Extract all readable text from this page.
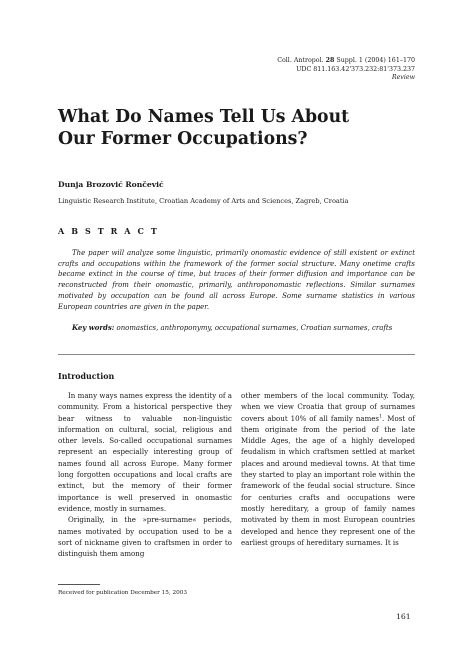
Coll. Antropol. 28 Suppl. 1 (2004) 161–170
UDC 811.163.42'373.232:81'373.237
Review
What Do Names Tell Us About
Our Former Occupations?
Dunja Brozović Rončević
Linguistic Research Institute, Croatian Academy of Arts and Sciences, Zagreb, Croatia
A B S T R A C T

The paper will analyze some linguistic, primarily onomastic evidence of still existent or extinct crafts and occupations within the framework of the former social structure. Many onetime crafts became extinct in the course of time, but traces of their former diffusion and importance can be reconstructed from their onomastic, primarily, anthroponomastic reflections. Similar surnames motivated by occupation can be found all across Europe. Some surname statistics in various European countries are given in the paper.

Key words: onomastics, anthroponymy, occupational surnames, Croatian surnames, crafts

Introduction

In many ways names express the identity of a community. From a historical perspective they bear witness to valuable non-linguistic information on cultural, social, religious and other levels. So-called occupational surnames represent an especially interesting group of names found all across Europe. Many former long forgotten occupations and local crafts are extinct, but the memory of their former importance is well preserved in onomastic evidence, mostly in surnames.

Originally, in the »pre-surname« periods, names motivated by occupation used to be a sort of nickname given to craftsmen in order to distinguish them among

other members of the local community. Today, when we view Croatia that group of surnames covers about 10% of all family names$^1$. Most of them originate from the period of the late Middle Ages, the age of a highly developed feudalism in which craftsmen settled at market places and around medieval towns. At that time they started to play an important role within the framework of the feudal social structure. Since for centuries crafts and occupations were mostly hereditary, a group of family names motivated by them in most European countries developed and hence they represent one of the earliest groups of hereditary surnames. It is

Received for publication December 15, 2003
161
